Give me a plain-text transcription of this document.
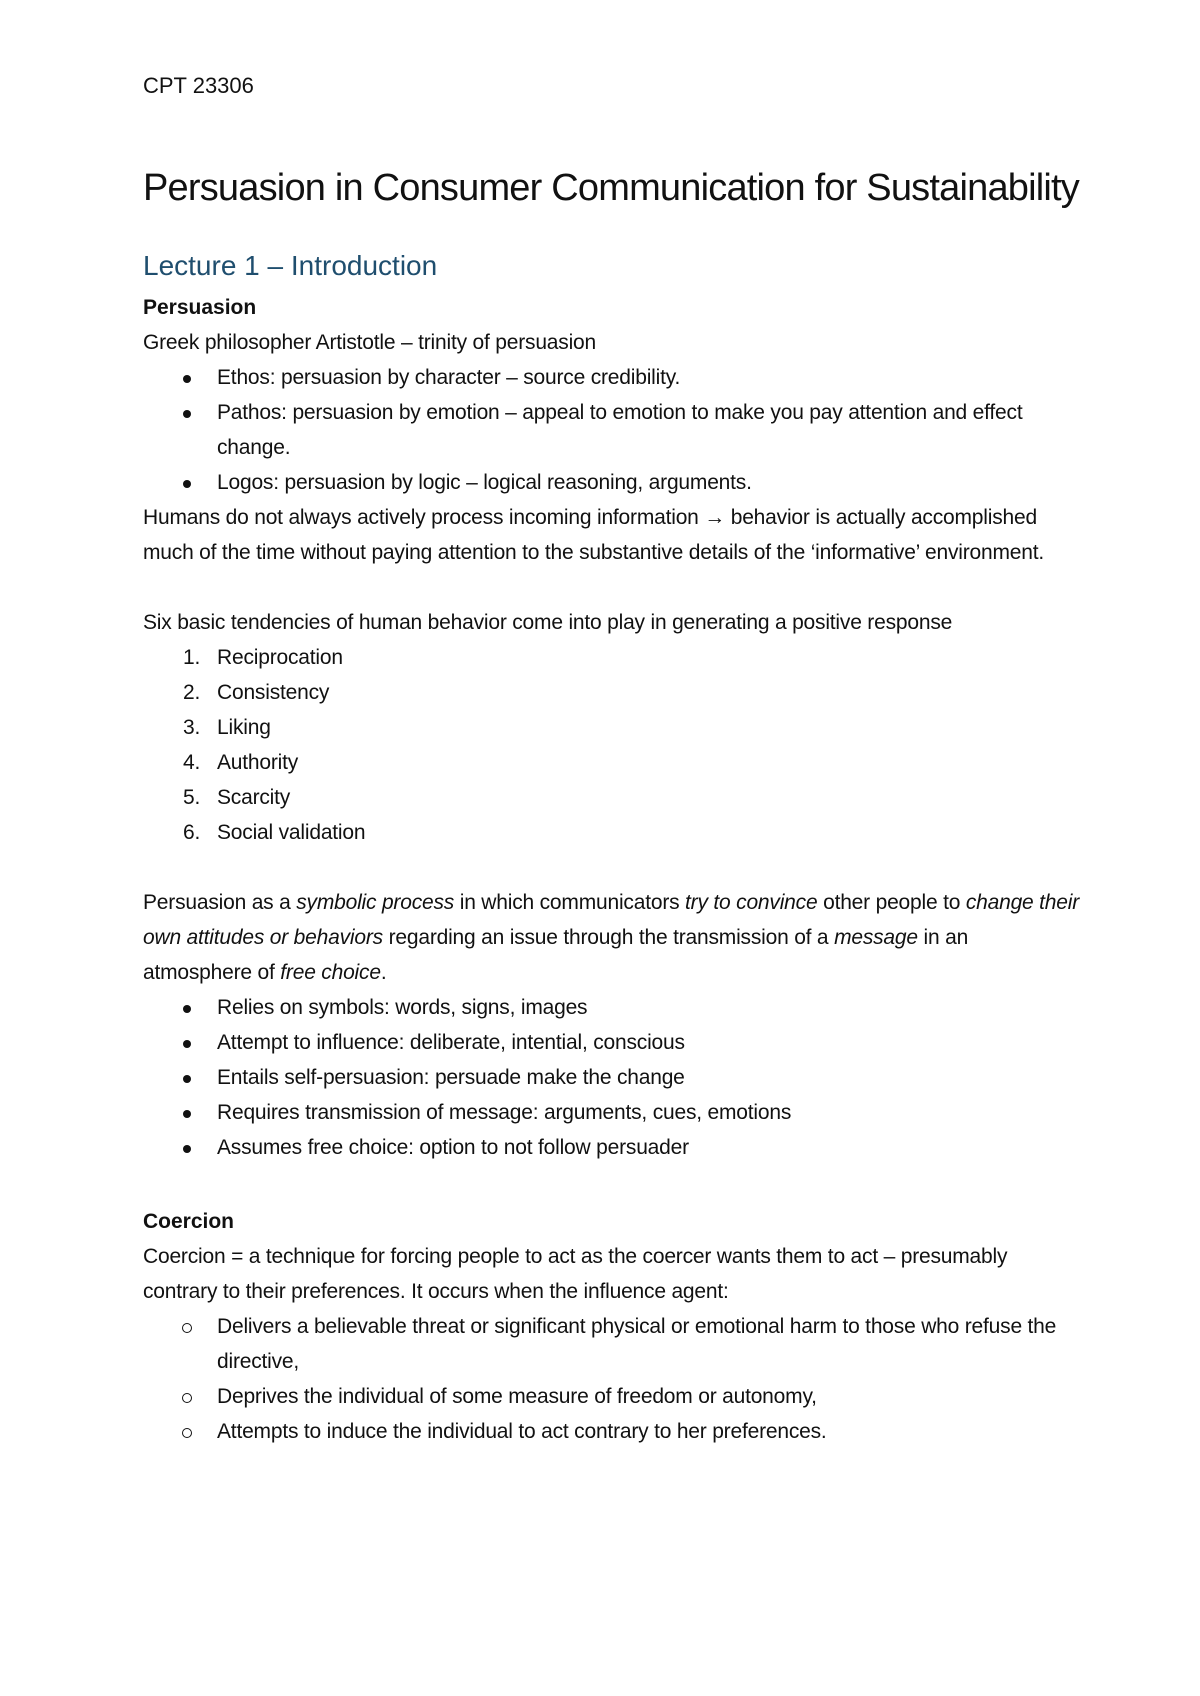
CPT 23306

Persuasion in Consumer Communication for Sustainability
Lecture 1 – Introduction
Persuasion

Greek philosopher Artistotle – trinity of persuasion

Ethos: persuasion by character – source credibility.
Pathos: persuasion by emotion – appeal to emotion to make you pay attention and effect change.
Logos: persuasion by logic – logical reasoning, arguments.

Humans do not always actively process incoming information → behavior is actually accomplished much of the time without paying attention to the substantive details of the ‘informative’ environment.

Six basic tendencies of human behavior come into play in generating a positive response

1. Reciprocation
2. Consistency
3. Liking
4. Authority
5. Scarcity
6. Social validation

Persuasion as a symbolic process in which communicators try to convince other people to change their own attitudes or behaviors regarding an issue through the transmission of a message in an atmosphere of free choice.

Relies on symbols: words, signs, images
Attempt to influence: deliberate, intential, conscious
Entails self-persuasion: persuade make the change
Requires transmission of message: arguments, cues, emotions
Assumes free choice: option to not follow persuader
Coercion

Coercion = a technique for forcing people to act as the coercer wants them to act – presumably contrary to their preferences. It occurs when the influence agent:

Delivers a believable threat or significant physical or emotional harm to those who refuse the directive,
Deprives the individual of some measure of freedom or autonomy,
Attempts to induce the individual to act contrary to her preferences.
